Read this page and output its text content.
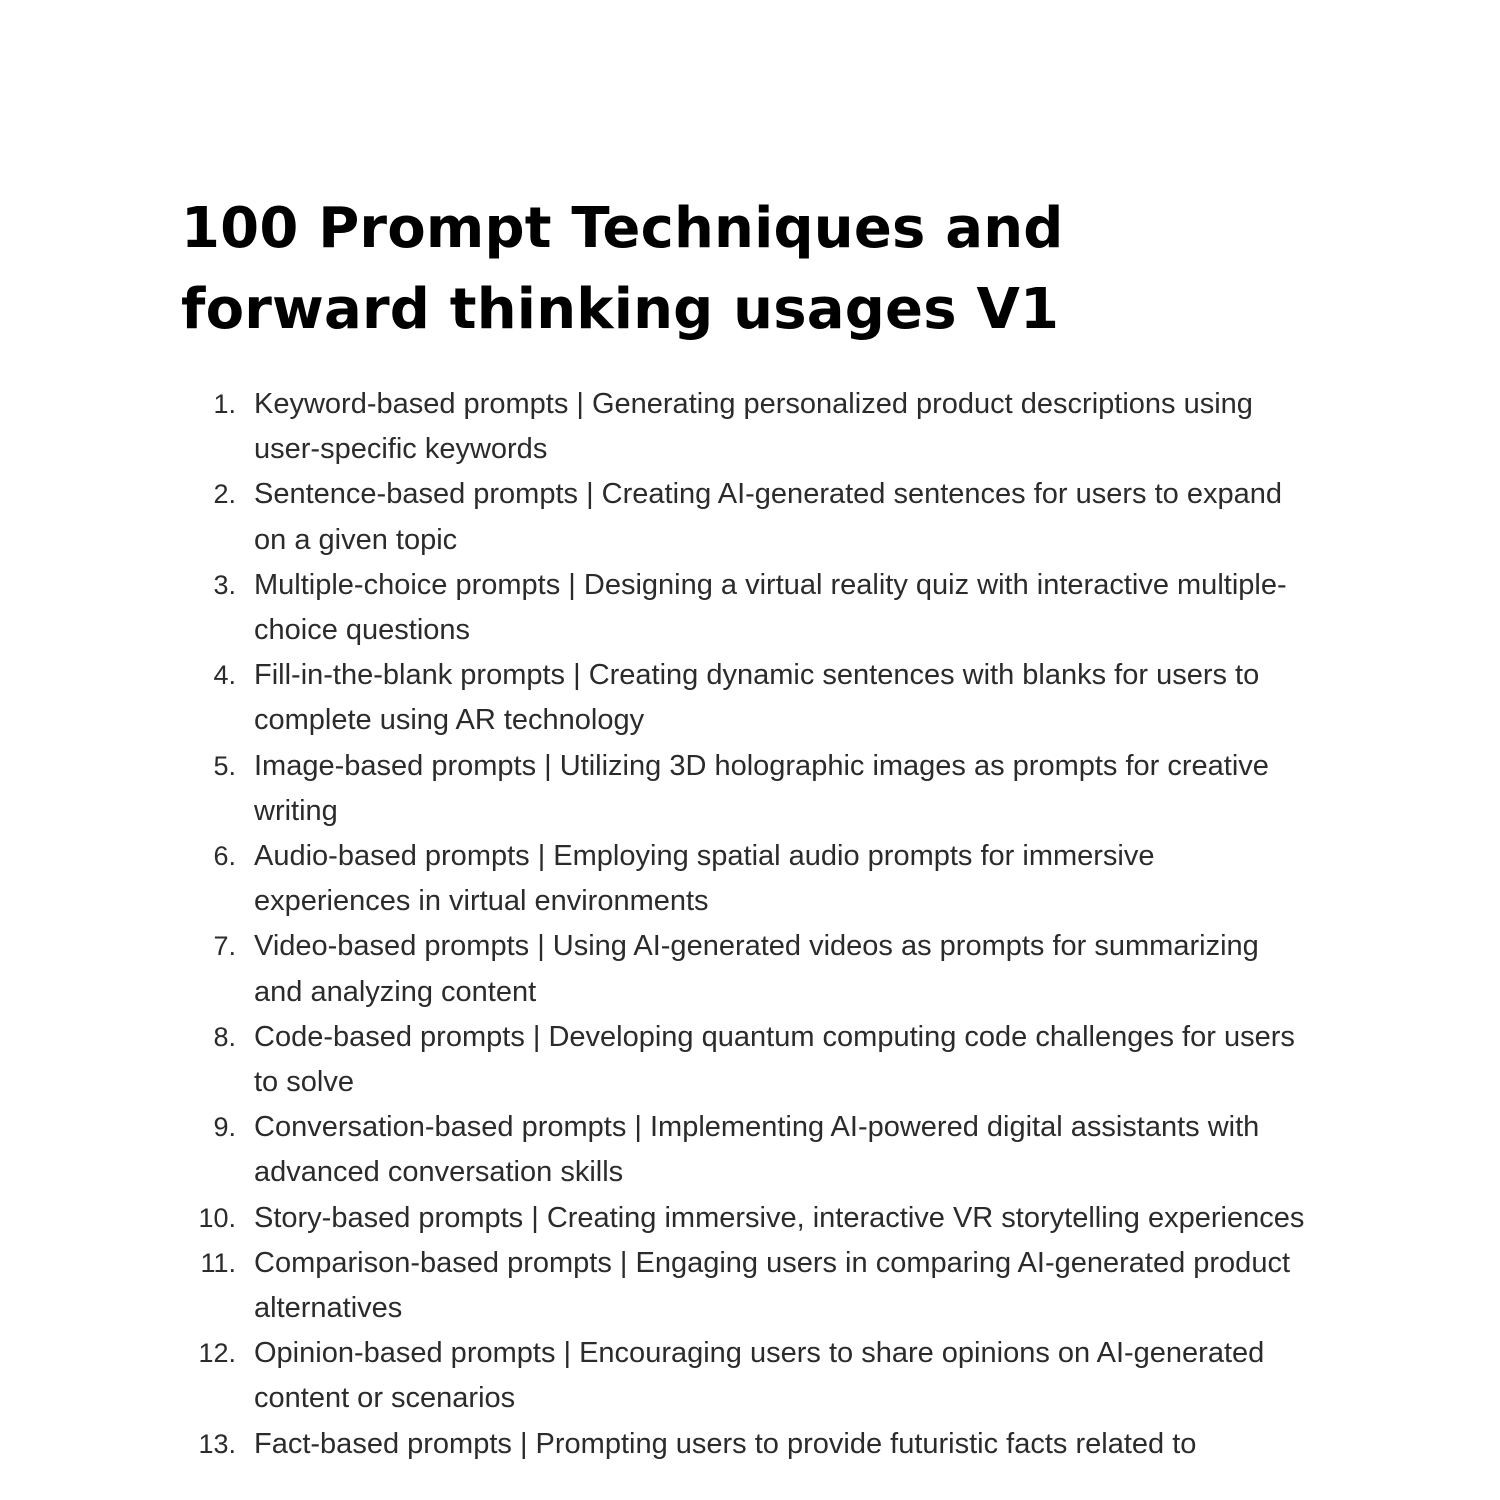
100 Prompt Techniques and forward thinking usages V1
1. Keyword-based prompts | Generating personalized product descriptions using user-specific keywords
2. Sentence-based prompts | Creating AI-generated sentences for users to expand on a given topic
3. Multiple-choice prompts | Designing a virtual reality quiz with interactive multiple-choice questions
4. Fill-in-the-blank prompts | Creating dynamic sentences with blanks for users to complete using AR technology
5. Image-based prompts | Utilizing 3D holographic images as prompts for creative writing
6. Audio-based prompts | Employing spatial audio prompts for immersive experiences in virtual environments
7. Video-based prompts | Using AI-generated videos as prompts for summarizing and analyzing content
8. Code-based prompts | Developing quantum computing code challenges for users to solve
9. Conversation-based prompts | Implementing AI-powered digital assistants with advanced conversation skills
10. Story-based prompts | Creating immersive, interactive VR storytelling experiences
11. Comparison-based prompts | Engaging users in comparing AI-generated product alternatives
12. Opinion-based prompts | Encouraging users to share opinions on AI-generated content or scenarios
13. Fact-based prompts | Prompting users to provide futuristic facts related to
